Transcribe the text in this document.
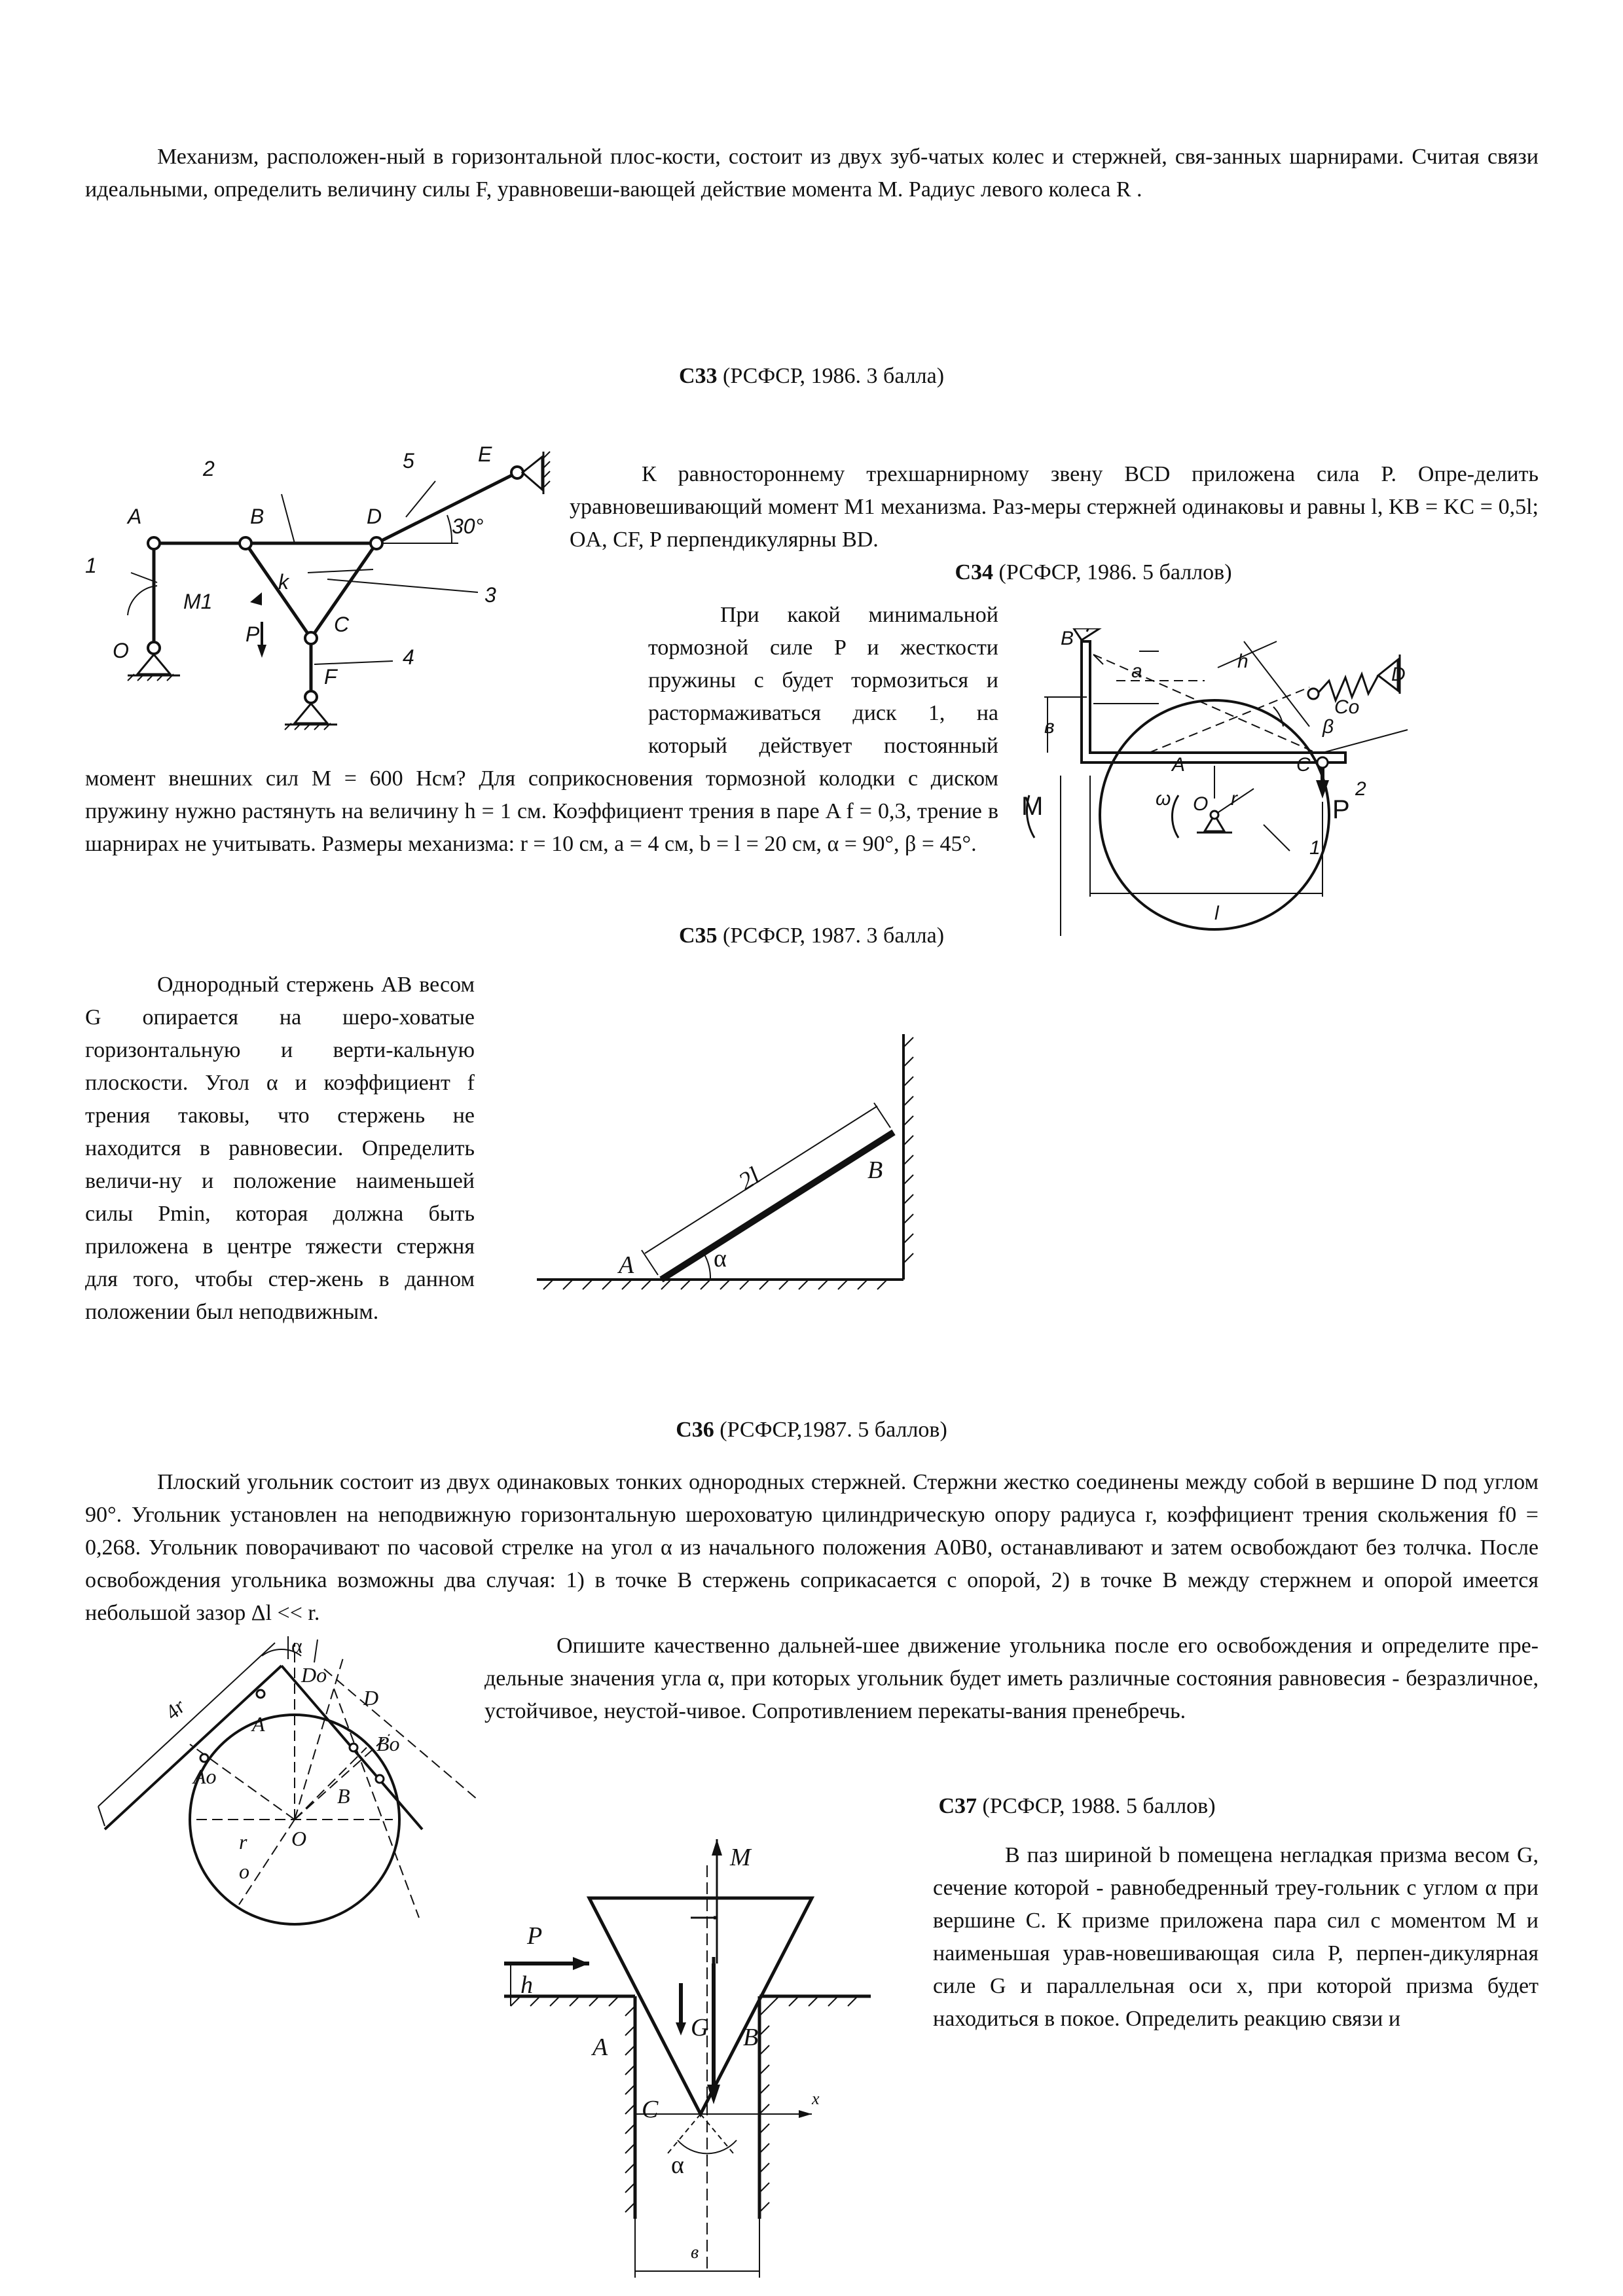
Механизм, расположен-ный в горизонтальной плос-кости, состоит из двух зуб-чатых колес и стержней, свя-занных шарнирами. Считая связи идеальными, определить величину силы F, уравновеши-вающей действие момента M. Радиус левого колеса R .
C33 (РСФСР, 1986. 3 балла)
A	B	D
E
C
O
F
k
1
2
3
4
5
30°
M1
P
К равностороннему трехшарнирному звену BCD приложена сила P. Опре-делить уравновешивающий момент M1 механизма. Раз-меры стержней одинаковы и равны l, KB = KC = 0,5l; OA, CF, P перпендикулярны BD.
C34 (РСФСР, 1986. 5 баллов)
При какой минимальной тормозной силе P и жесткости пружины c будет тормозиться и растормаживаться диск 1, на который действует постоянный момент внешних сил M = 600 Нсм? Для соприкосновения тормозной колодки с диском пружину нужно растянуть на величину h = 1 см. Коэффициент трения в паре A f = 0,3, трение в шарнирах не учитывать. Размеры механизма: r = 10 см, a = 4 см, b = l = 20 см, α = 90°, β = 45°.
B
a	h
D
в
Co
β
A	C
2
M	ω O r	P
1
l
C35 (РСФСР, 1987. 3 балла)
Однородный стержень AB весом G опирается на шеро-ховатые горизонтальную и верти-кальную плоскости. Угол α и коэффициент f трения таковы, что стержень не находится в равновесии. Определить величи-ну и положение наименьшей силы Pmin, которая должна быть приложена в центре тяжести стержня для того, чтобы стер-жень в данном положении был неподвижным.
2l
A
B
α
C36 (РСФСР,1987. 5 баллов)
Плоский угольник состоит из двух одинаковых тонких однородных стержней. Стержни жестко соединены между собой в вершине D под углом 90°. Угольник установлен на неподвижную горизонтальную шероховатую цилиндрическую опору радиуса r, коэффициент трения скольжения f0 = 0,268. Угольник поворачивают по часовой стрелке на угол α из начального положения A0B0, останавливают и затем освобождают без толчка. После освобождения угольника возможны два случая: 1) в точке B стержень соприкасается с опорой, 2) в точке B между стержнем и опорой имеется небольшой зазор Δl << r.
Опишите качественно дальней-шее движение угольника после его освобождения и определите пре-дельные значения угла α, при которых угольник будет иметь различные состояния равновесия - безразличное, устойчивое, неустой-чивое. Сопротивлением перекаты-вания пренебречь.
α
Do
D
4r	A
Bo
Ao
B
O
r
o
C37 (РСФСР, 1988. 5 баллов)
В паз шириной b помещена негладкая призма весом G, сечение которой - равнобедренный треу-гольник с углом α при вершине C. К призме приложена пара сил с моментом M и наименьшая урав-новешивающая сила P, перпен-дикулярная силе G и параллельная оси x, при которой призма будет находиться в покое. Определить реакцию связи и
P
M
h
G
A	B
x
C
α
в
